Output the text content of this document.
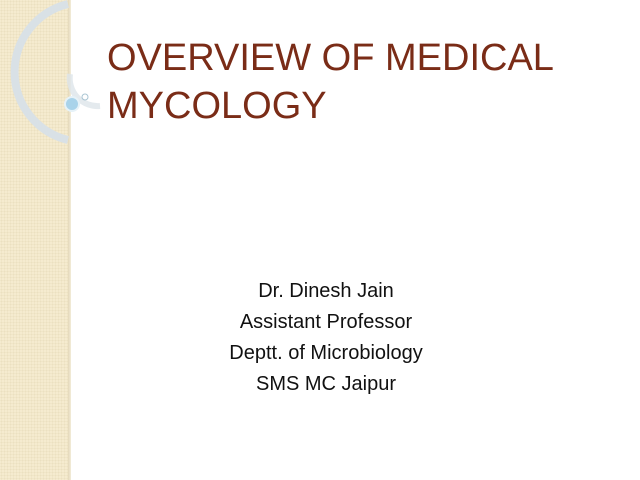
OVERVIEW OF MEDICAL
MYCOLOGY
Dr. Dinesh Jain
Assistant Professor
Deptt. of Microbiology
SMS MC Jaipur
